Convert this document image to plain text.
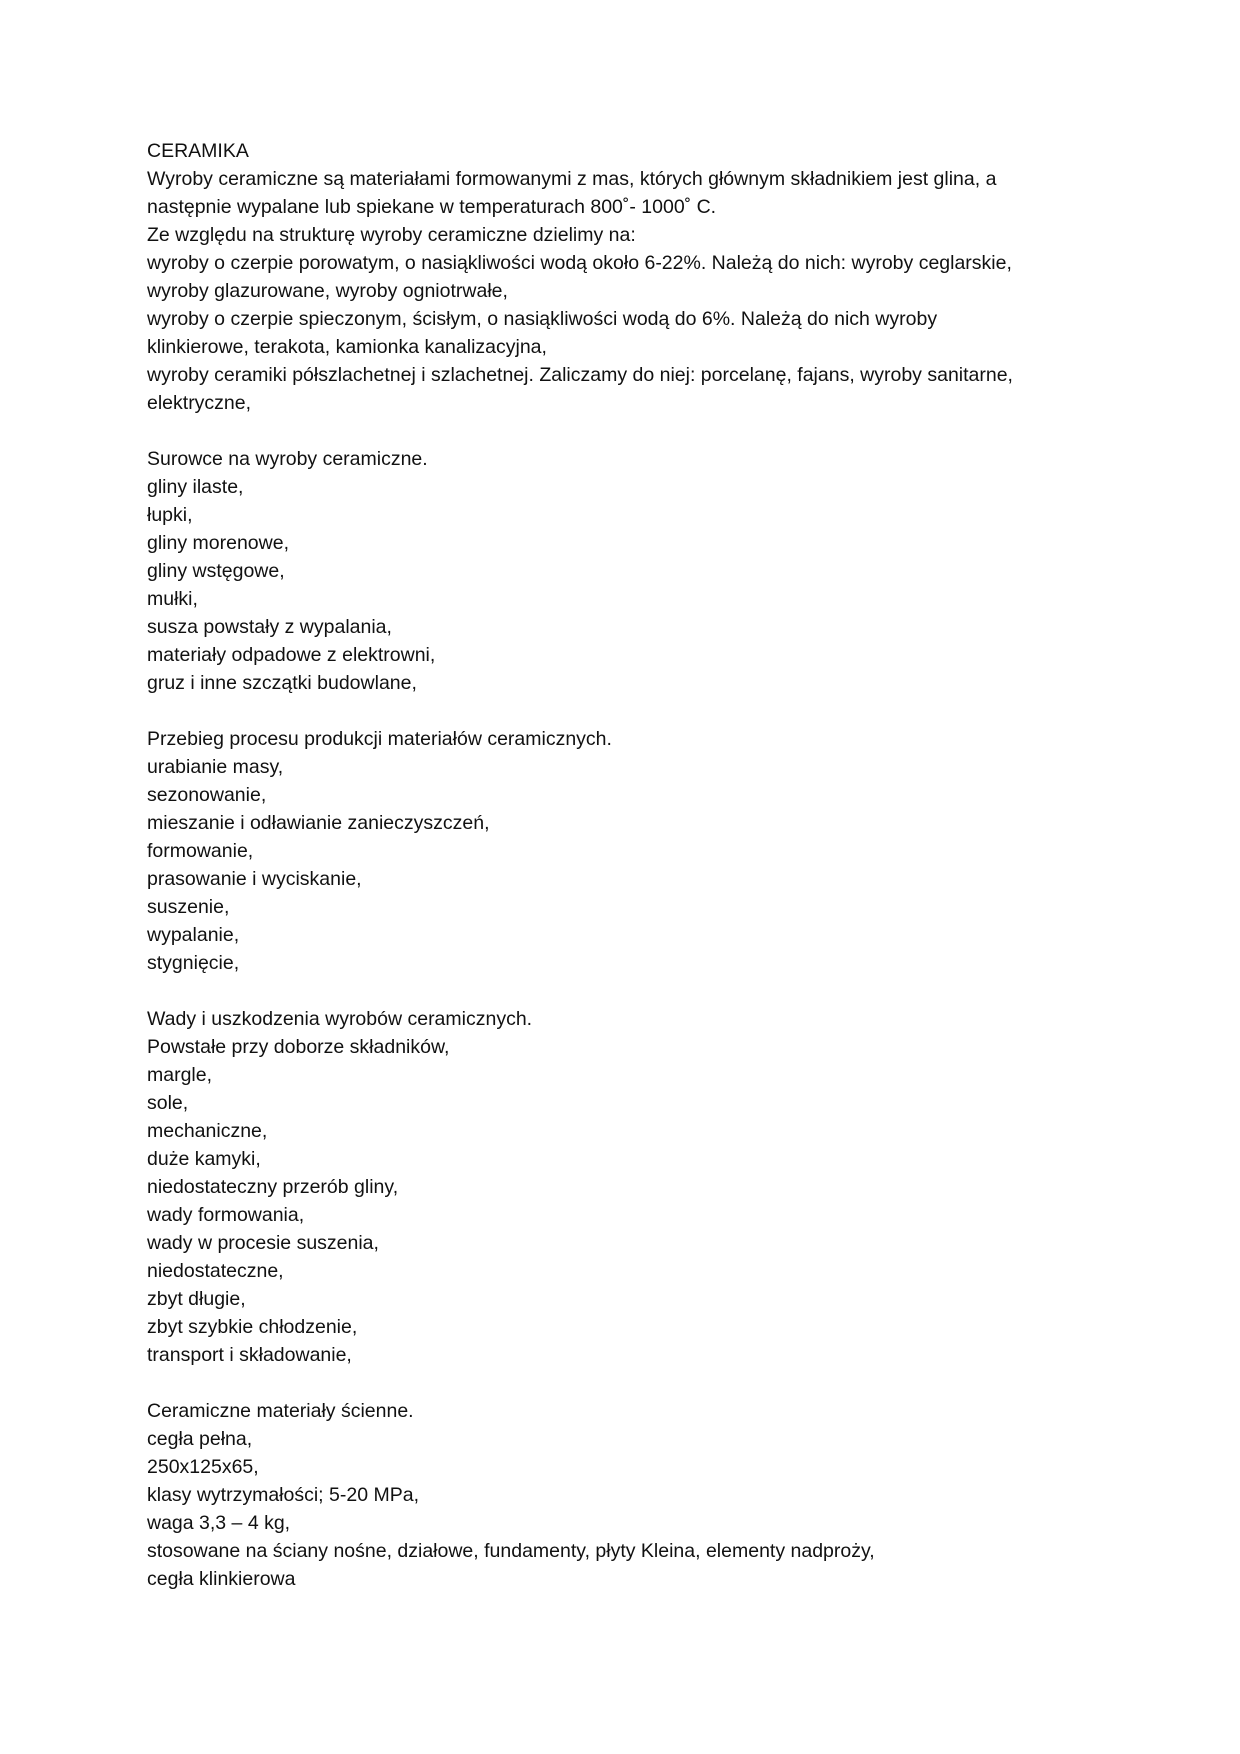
CERAMIKA
Wyroby ceramiczne są materiałami formowanymi z mas, których głównym składnikiem jest glina, a
następnie wypalane lub spiekane w temperaturach 800˚- 1000˚ C.
Ze względu na strukturę wyroby ceramiczne dzielimy na:
wyroby o czerpie porowatym, o nasiąkliwości wodą około 6-22%. Należą do nich: wyroby ceglarskie,
wyroby glazurowane, wyroby ogniotrwałe,
wyroby o czerpie spieczonym, ścisłym, o nasiąkliwości wodą do 6%. Należą do nich wyroby
klinkierowe, terakota, kamionka kanalizacyjna,
wyroby ceramiki półszlachetnej i szlachetnej. Zaliczamy do niej: porcelanę, fajans, wyroby sanitarne,
elektryczne,
Surowce na wyroby ceramiczne.
gliny ilaste,
łupki,
gliny morenowe,
gliny wstęgowe,
mułki,
susza powstały z wypalania,
materiały odpadowe z elektrowni,
gruz i inne szczątki budowlane,
Przebieg procesu produkcji materiałów ceramicznych.
urabianie masy,
sezonowanie,
mieszanie i odławianie zanieczyszczeń,
formowanie,
prasowanie i wyciskanie,
suszenie,
wypalanie,
stygnięcie,
Wady i uszkodzenia wyrobów ceramicznych.
Powstałe przy doborze składników,
margle,
sole,
mechaniczne,
duże kamyki,
niedostateczny przerób gliny,
wady formowania,
wady w procesie suszenia,
niedostateczne,
zbyt długie,
zbyt szybkie chłodzenie,
transport i składowanie,
Ceramiczne materiały ścienne.
cegła pełna,
250x125x65,
klasy wytrzymałości; 5-20 MPa,
waga 3,3 – 4 kg,
stosowane na ściany nośne, działowe, fundamenty, płyty Kleina, elementy nadproży,
cegła klinkierowa
